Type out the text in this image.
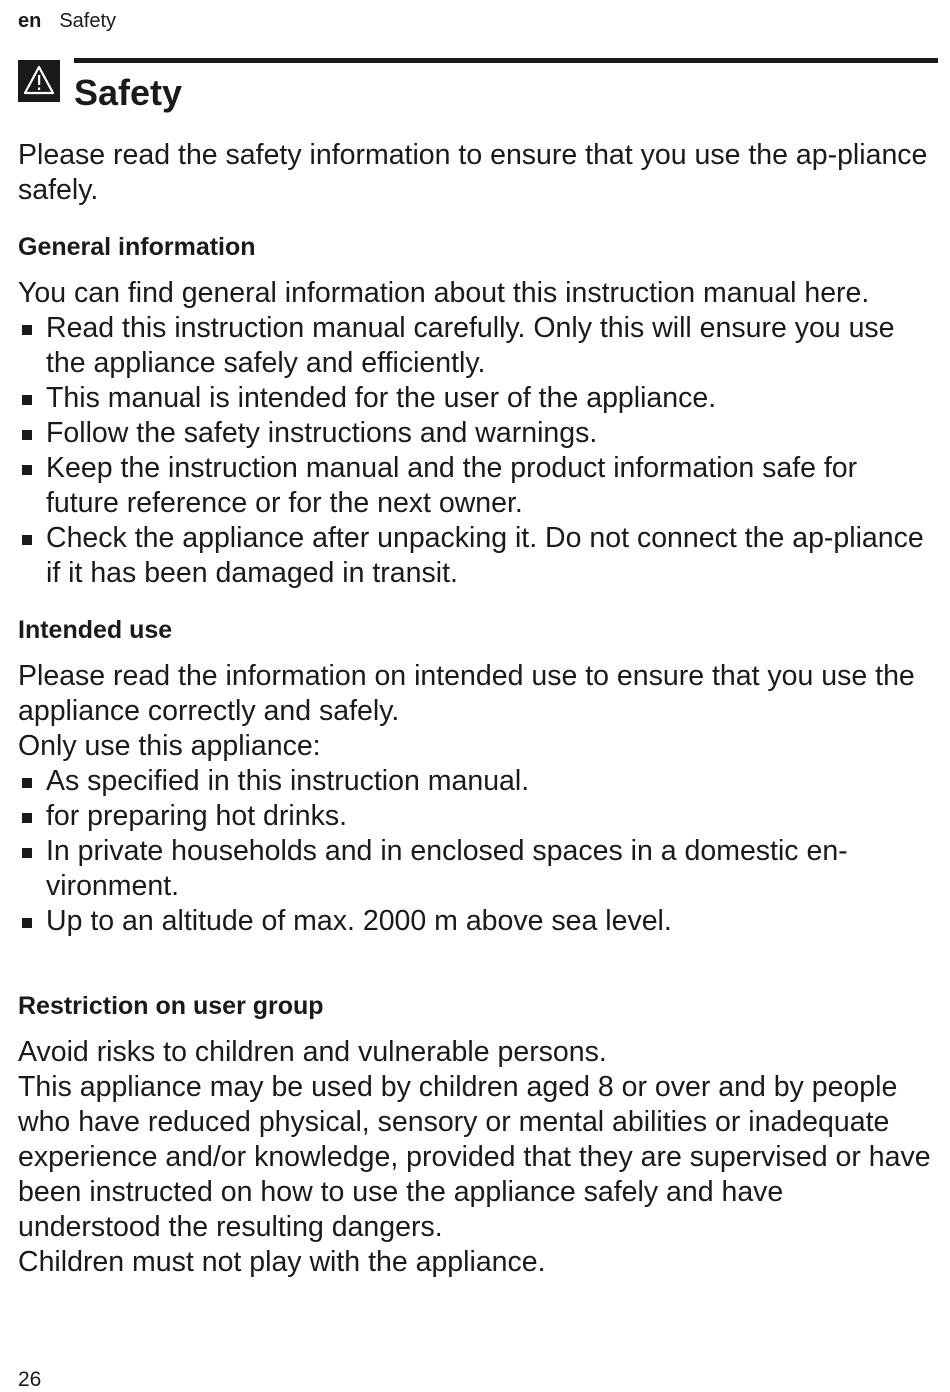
en Safety
Safety

Please read the safety information to ensure that you use the ap-pliance safely.

General information

You can find general information about this instruction manual here.

Read this instruction manual carefully. Only this will ensure you use the appliance safely and efficiently.
This manual is intended for the user of the appliance.
Follow the safety instructions and warnings.
Keep the instruction manual and the product information safe for future reference or for the next owner.
Check the appliance after unpacking it. Do not connect the ap-pliance if it has been damaged in transit.
Intended use

Please read the information on intended use to ensure that you use the appliance correctly and safely.

Only use this appliance:

As specified in this instruction manual.
for preparing hot drinks.
In private households and in enclosed spaces in a domestic en-vironment.
Up to an altitude of max. 2000 m above sea level.
Restriction on user group

Avoid risks to children and vulnerable persons.

This appliance may be used by children aged 8 or over and by people who have reduced physical, sensory or mental abilities or inadequate experience and/or knowledge, provided that they are supervised or have been instructed on how to use the appliance safely and have understood the resulting dangers.

Children must not play with the appliance.

26
